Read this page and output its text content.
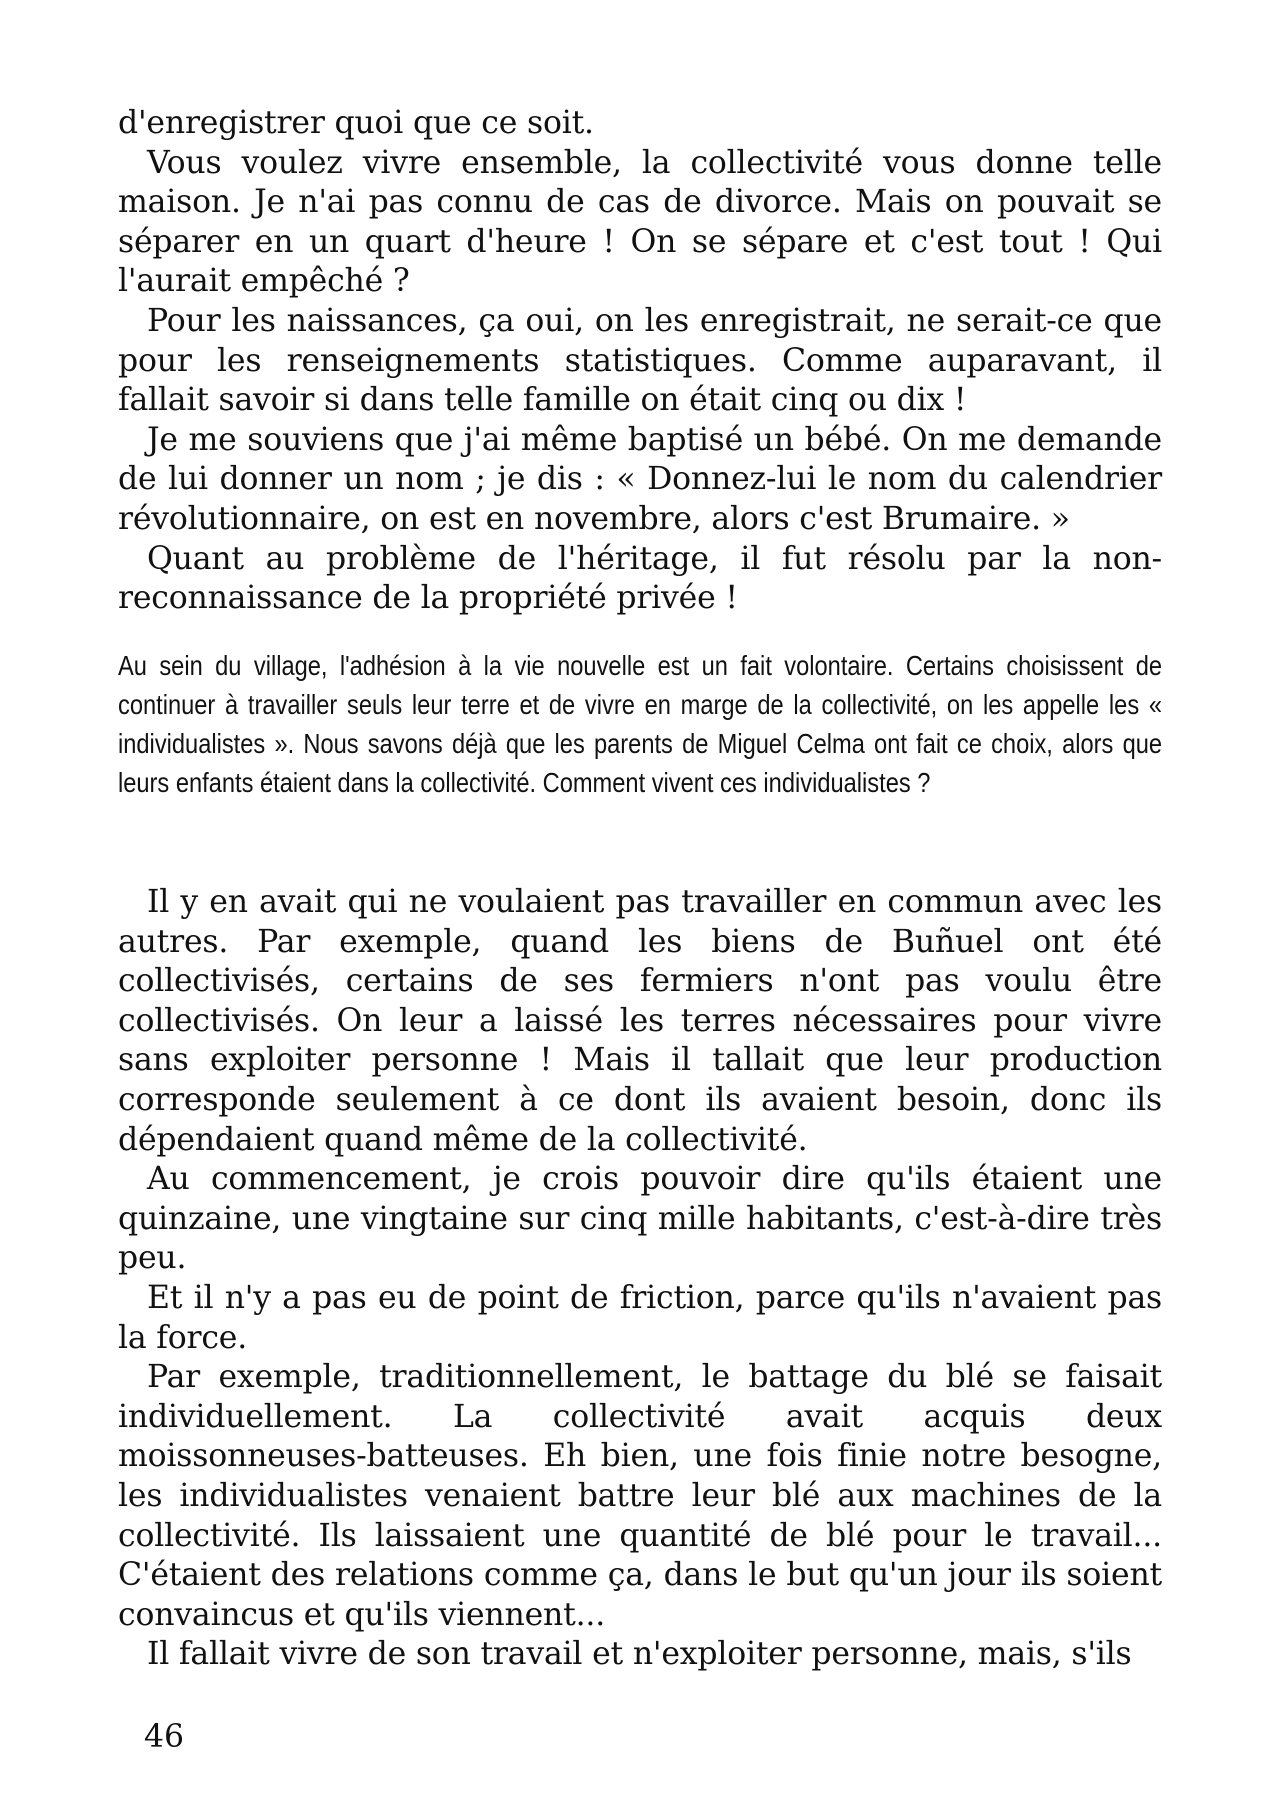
d'enregistrer quoi que ce soit.

Vous voulez vivre ensemble, la collectivité vous donne telle maison. Je n'ai pas connu de cas de divorce. Mais on pouvait se séparer en un quart d'heure ! On se sépare et c'est tout ! Qui l'aurait empêché ?

Pour les naissances, ça oui, on les enregistrait, ne serait-ce que pour les renseignements statistiques. Comme auparavant, il fallait savoir si dans telle famille on était cinq ou dix !

Je me souviens que j'ai même baptisé un bébé. On me demande de lui donner un nom ; je dis : « Donnez-lui le nom du calendrier révolutionnaire, on est en novembre, alors c'est Brumaire. »

Quant au problème de l'héritage, il fut résolu par la non-reconnaissance de la propriété privée !

Au sein du village, l'adhésion à la vie nouvelle est un fait volontaire. Certains choisissent de continuer à travailler seuls leur terre et de vivre en marge de la collectivité, on les appelle les « individualistes ». Nous savons déjà que les parents de Miguel Celma ont fait ce choix, alors que leurs enfants étaient dans la collectivité. Comment vivent ces individualistes ?

Il y en avait qui ne voulaient pas travailler en commun avec les autres. Par exemple, quand les biens de Buñuel ont été collectivisés, certains de ses fermiers n'ont pas voulu être collectivisés. On leur a laissé les terres nécessaires pour vivre sans exploiter personne ! Mais il tallait que leur production corresponde seulement à ce dont ils avaient besoin, donc ils dépendaient quand même de la collectivité.

Au commencement, je crois pouvoir dire qu'ils étaient une quinzaine, une vingtaine sur cinq mille habitants, c'est-à-dire très peu.

Et il n'y a pas eu de point de friction, parce qu'ils n'avaient pas la force.

Par exemple, traditionnellement, le battage du blé se faisait individuellement. La collectivité avait acquis deux moissonneuses-batteuses. Eh bien, une fois finie notre besogne, les individualistes venaient battre leur blé aux machines de la collectivité. Ils laissaient une quantité de blé pour le travail... C'étaient des relations comme ça, dans le but qu'un jour ils soient convaincus et qu'ils viennent...

Il fallait vivre de son travail et n'exploiter personne, mais, s'ils

46
